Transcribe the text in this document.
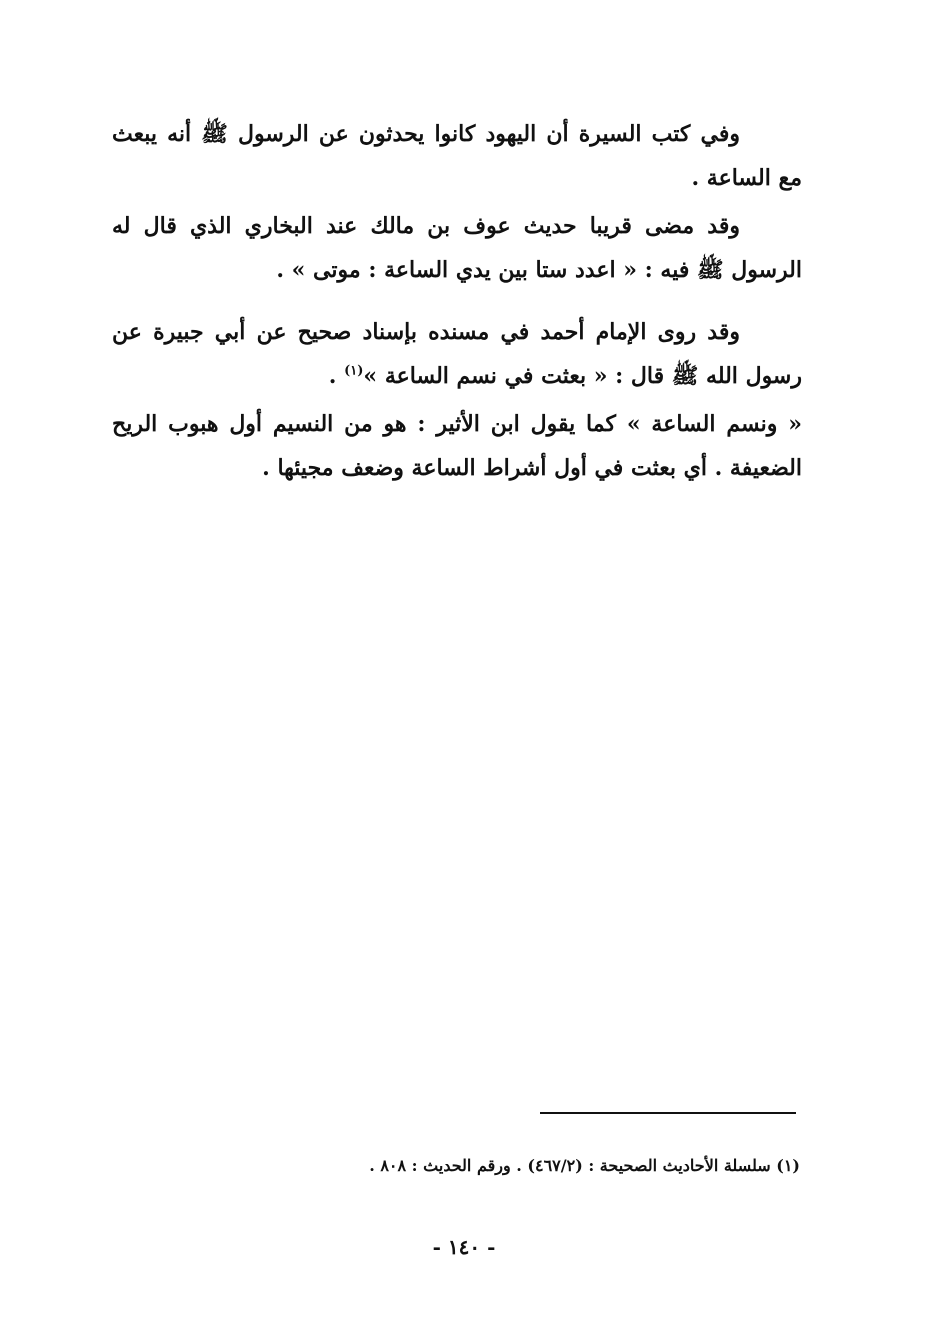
وفي كتب السيرة أن اليهود كانوا يحدثون عن الرسول ﷺ أنه يبعث مع الساعة .

وقد مضى قريبا حديث عوف بن مالك عند البخاري الذي قال له الرسول ﷺ فيه : « اعدد ستا بين يدي الساعة : موتى » .

وقد روى الإمام أحمد في مسنده بإسناد صحيح عن أبي جبيرة عن رسول الله ﷺ قال : « بعثت في نسم الساعة »$^{(١)}$ .

« ونسم الساعة » كما يقول ابن الأثير : هو من النسيم أول هبوب الريح الضعيفة . أي بعثت في أول أشراط الساعة وضعف مجيئها .

(١) سلسلة الأحاديث الصحيحة : (٤٦٧/٢) . ورقم الحديث : ٨٠٨ .
- ١٤٠ -
